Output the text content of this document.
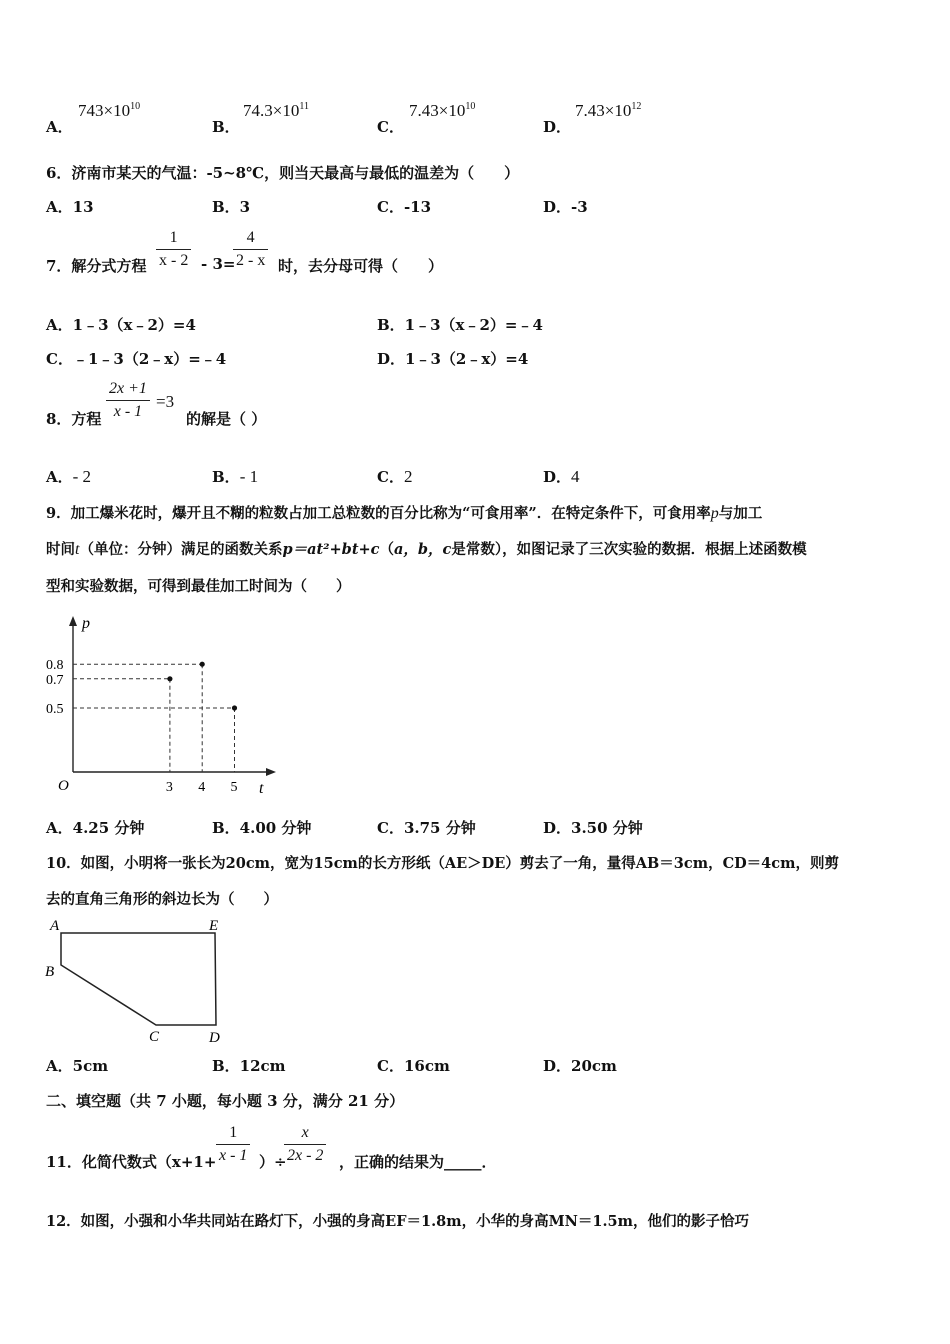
A．
$743\times 10^{10}$
B．
$74.3\times 10^{11}$
C．
$7.43\times 10^{10}$
D．
$7.43\times 10^{12}$
6．济南市某天的气温：-5~8℃，则当天最高与最低的温差为（　　）
A．13	B．3	C．-13	D．-3
7．解分式方程
1
x - 2 - 3=
4
2 - x 时，去分母可得（　　）
A．1﹣3（x﹣2）=4	B．1﹣3（x﹣2）=﹣4
C．﹣1﹣3（2﹣x）=﹣4	D．1﹣3（2﹣x）=4
8．方程
2x +1
x - 1
=3
的解是（ ）
A．- 2	B．- 1	C．2	D．4
9．加工爆米花时，爆开且不糊的粒数占加工总粒数的百分比称为“可食用率”．在特定条件下，可食用率p与加工
时间t（单位：分钟）满足的函数关系p＝at²+bt+c（a，b，c是常数），如图记录了三次实验的数据．根据上述函数模
型和实验数据，可得到最佳加工时间为（　　）
O
p
t
3 4 5
0.8
0.7
0.5
A．4.25 分钟	B．4.00 分钟	C．3.75 分钟	D．3.50 分钟
10．如图，小明将一张长为20cm，宽为15cm的长方形纸（AE＞DE）剪去了一角，量得AB＝3cm，CD＝4cm，则剪
去的直角三角形的斜边长为（　　）
A	E
B
C	D
A．5cm	B．12cm	C．16cm	D．20cm
二、填空题（共 7 小题，每小题 3 分，满分 21 分）
11．化简代数式（x+1+
1
x - 1 ）÷
x
2x - 2 ，正确的结果为_____．
12．如图，小强和小华共同站在路灯下，小强的身高EF＝1.8m，小华的身高MN＝1.5m，他们的影子恰巧
